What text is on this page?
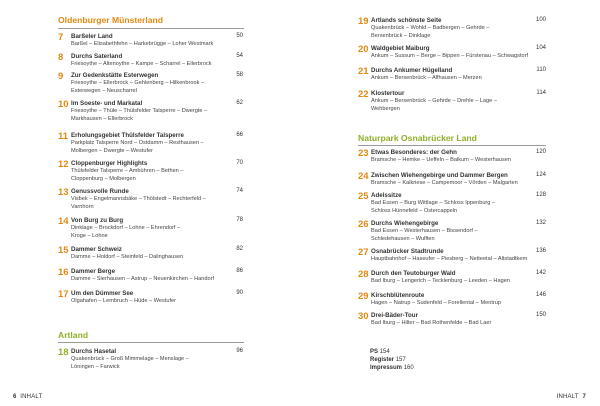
Oldenburger Münsterland
7	Barßeler Land	50
Barßel – Elisabethfehn – Harkebrügge – Loher Westmark
8	Durchs Saterland	54
Friesoythe – Altenoythe – Kampe – Scharrel – Ellerbrock
9	Zur Gedenkstätte Esterwegen	58
Friesoythe – Ellerbrock – Gehlenberg – Hilkenbrook –
Esterwegen – Neuscharrel
10 Im Soeste- und Markatal	62
Friesoythe – Thüle – Thülsfelder Talsperre – Dwergte –
Markhausen – Ellerbrock
11 Erholungsgebiet Thülsfelder Talsperre	66
Parkplatz Talsperre Nord – Ostdamm – Resthausen –
Molbergen – Dwergte – Westufer
12 Cloppenburger Highlights	70
Thülsfelder Talsperre – Ambühren – Bethen –
Cloppenburg – Molbergen
13 Genussvolle Runde	74
Visbek – Engelmannsbäke – Thölstedt – Rechterfeld –
Varnhorn
14 Von Burg zu Burg	78
Dinklage – Brockdorf – Lohne – Ehrendorf –
Kroge – Lohne
15 Dammer Schweiz	82
Damme – Holdorf – Steinfeld – Dalinghausen
16 Dammer Berge	86
Damme – Sierhausen – Astrup – Neuenkirchen – Handorf
17 Um den Dümmer See	90
Olgahafen – Lembruch – Hüde – Westufer
18 Durchs Hasetal	96
Quakenbrück – Groß Mimmelage – Menslage –
Löningen – Farwick
Artland
19 Artlands schönste Seite	100
Quakenbrück – Wohld – Badbergen – Gehrde –
Bersenbrück – Dinklage
20 Waldgebiet Maiburg	104
Ankum – Sussum – Berge – Bippen – Fürstenau – Schwagstorf
21 Durchs Ankumer Hügelland	110
Ankum – Bersenbrück – Alfhausen – Merzen
22 Klostertour	114
Ankum – Bersenbrück – Gehrde – Drehle – Lage –
Wehbergen
Naturpark Osnabrücker Land
23 Etwas Besonderes: der Gehn	120
Bramsche – Hemke – Ueffeln – Balkum – Westerhausen
24 Zwischen Wiehengebirge und Dammer Bergen	124
Bramsche – Kalkriese – Campemoor – Vörden – Malgarten
25 Adelssitze	128
Bad Essen – Burg Wittlage – Schloss Ippenburg –
Schloss Hünnefeld – Ostercappeln
26 Durchs Wiehengebirge	132
Bad Essen – Westerhausen – Bissendorf –
Schledehausen – Wulften
27 Osnabrücker Stadtrunde	136
Hauptbahnhof – Haseufer – Piesberg – Netteetal – Altstadtkern
28 Durch den Teutoburger Wald	142
Bad Iburg – Lengerich – Tecklenburg – Leeden – Hagen
29 Kirschblütenroute	146
Hagen – Natrup – Sudenfeld – Forellental – Mentrup
30 Drei-Bäder-Tour	150
Bad Iburg – Hilter – Bad Rothenfelde – Bad Laer
PS 154
Register 157
Impressum 160
6 INHALT	INHALT 7
